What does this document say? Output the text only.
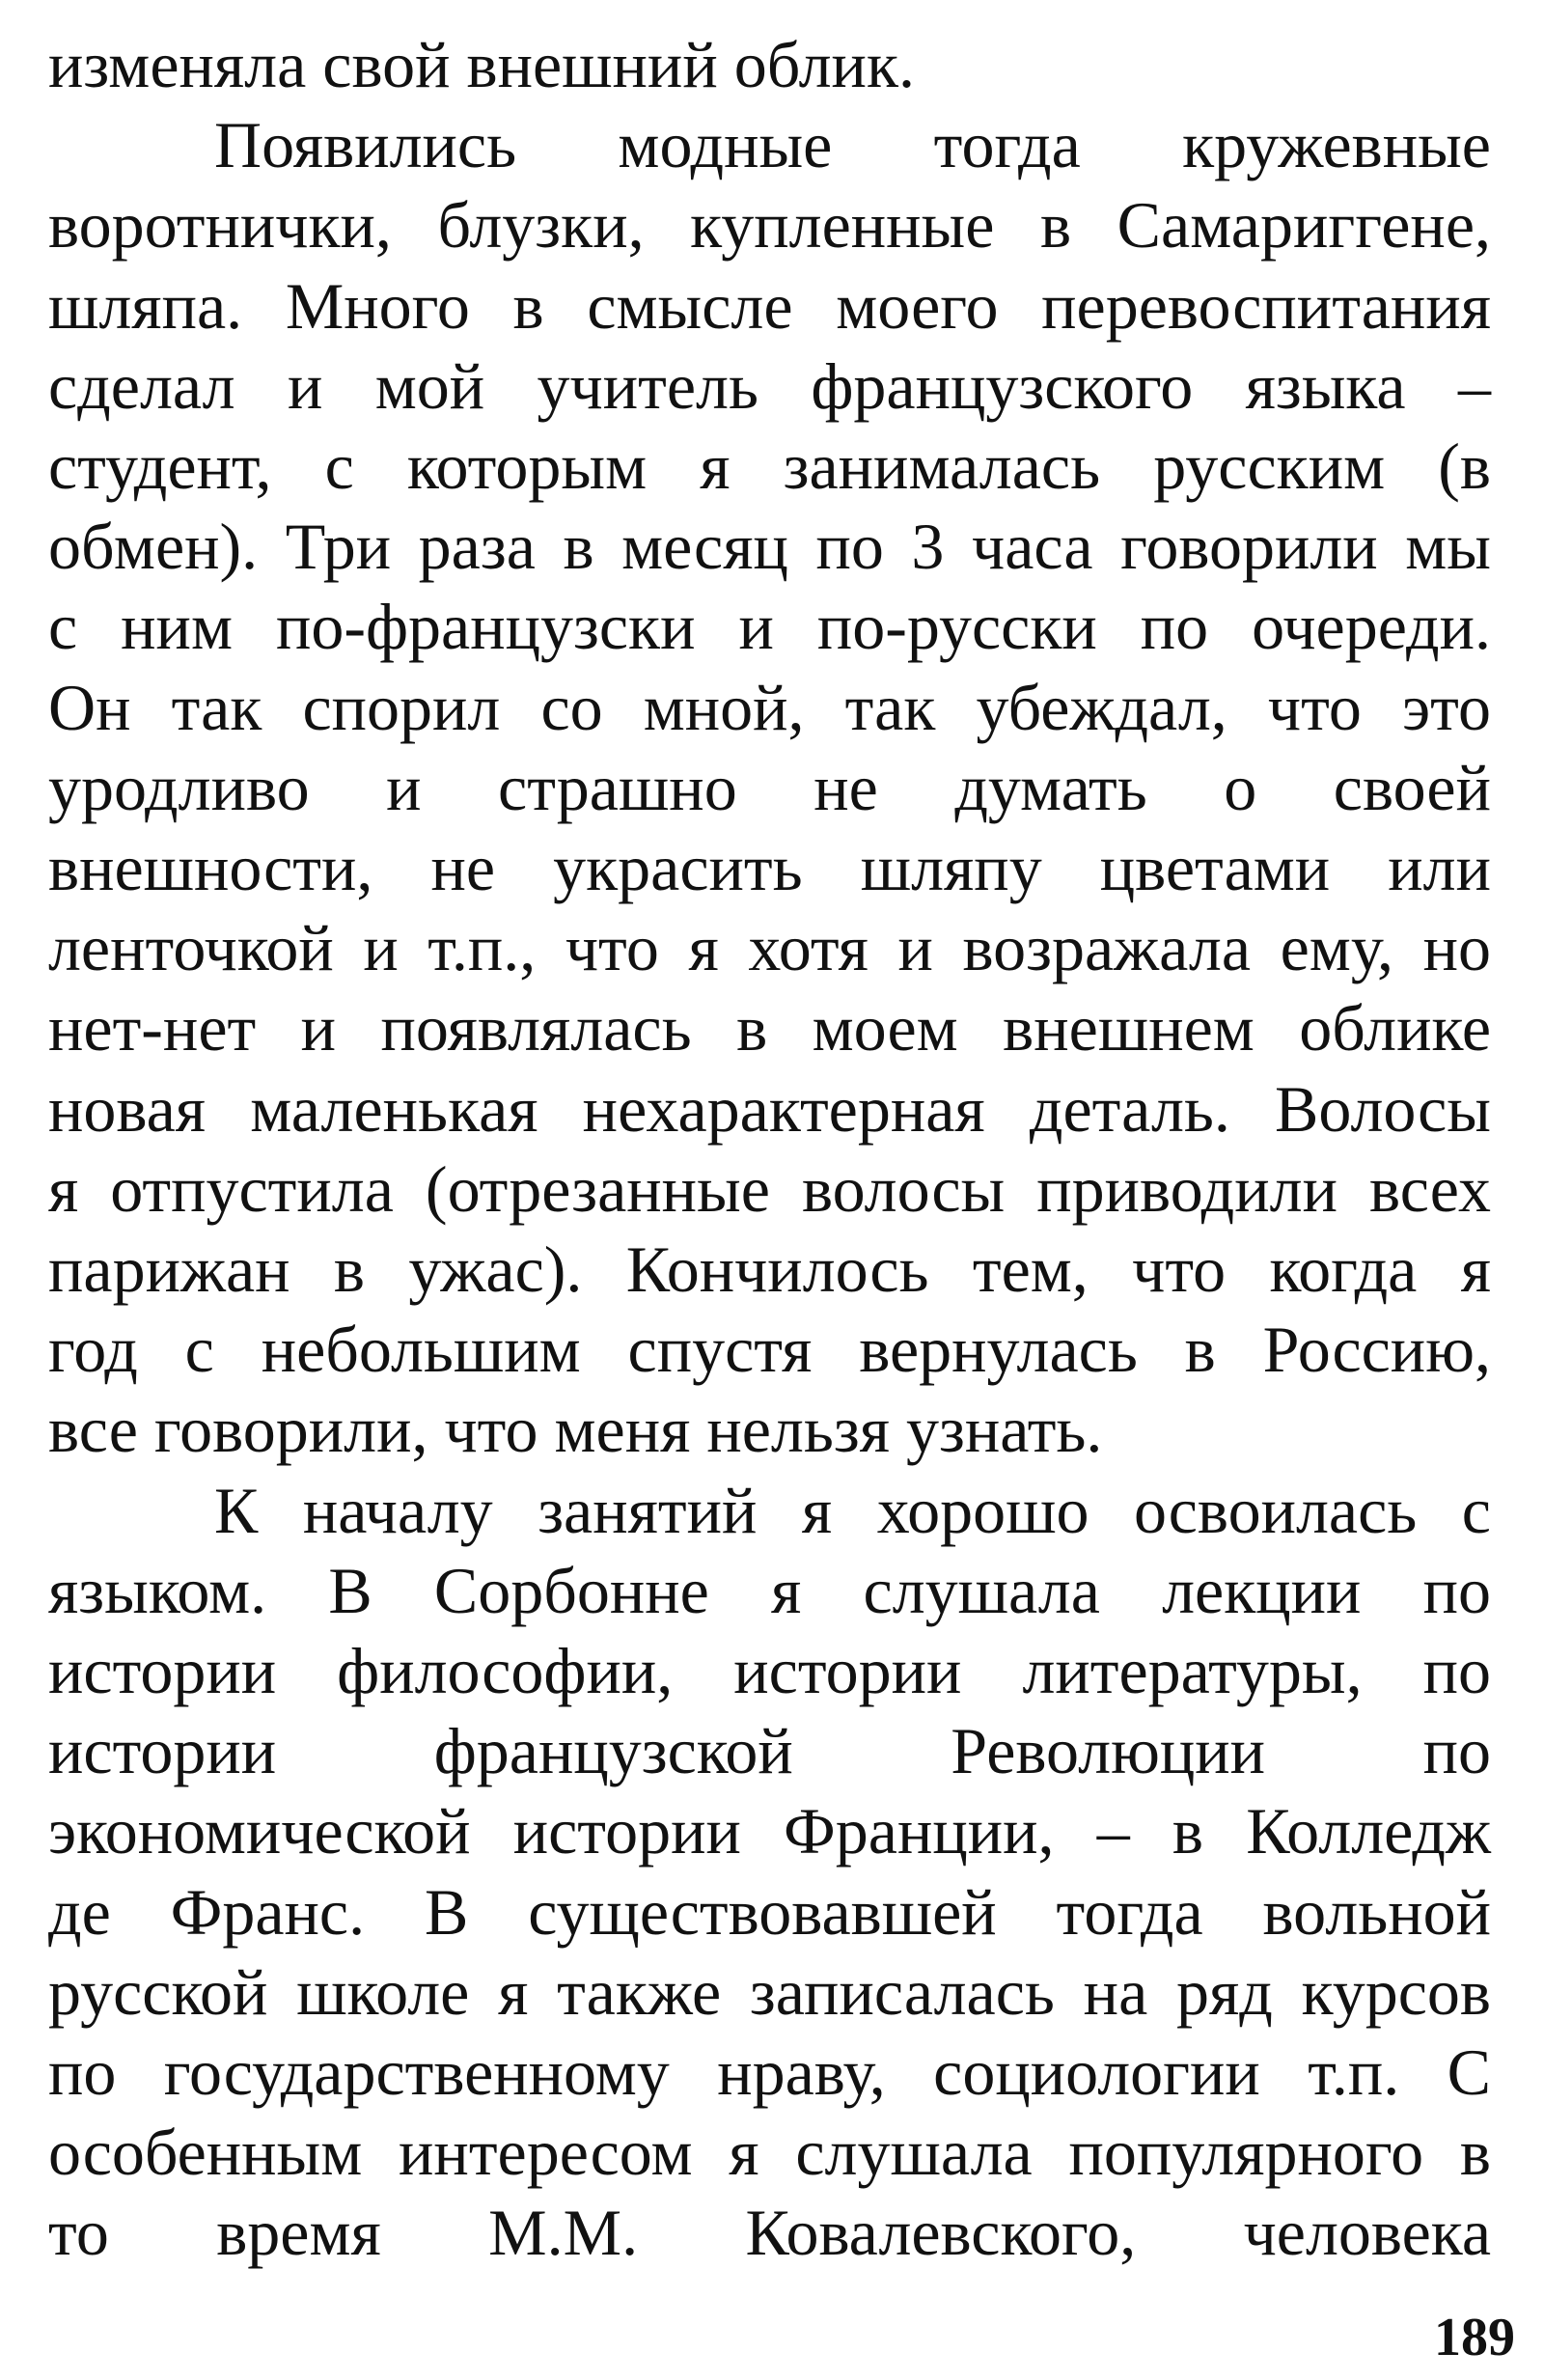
изменяла свой внешний облик.
Появились модные тогда кружевные
воротнички, блузки, купленные в Самариггене,
шляпа. Много в смысле моего перевоспитания
сделал и мой учитель французского языка –
студент, с которым я занималась русским (в
обмен). Три раза в месяц по 3 часа говорили мы
с ним по-французски и по-русски по очереди.
Он так спорил со мной, так убеждал, что это
уродливо и страшно не думать о своей
внешности, не украсить шляпу цветами или
ленточкой и т.п., что я хотя и возражала ему, но
нет-нет и появлялась в моем внешнем облике
новая маленькая нехарактерная деталь. Волосы
я отпустила (отрезанные волосы приводили всех
парижан в ужас). Кончилось тем, что когда я
год с небольшим спустя вернулась в Россию,
все говорили, что меня нельзя узнать.
К началу занятий я хорошо освоилась с
языком. В Сорбонне я слушала лекции по
истории философии, истории литературы, по
истории французской Революции по
экономической истории Франции, – в Колледж
де Франс. В существовавшей тогда вольной
русской школе я также записалась на ряд курсов
по государственному нраву, социологии т.п. С
особенным интересом я слушала популярного в
то время М.М. Ковалевского, человека
189
